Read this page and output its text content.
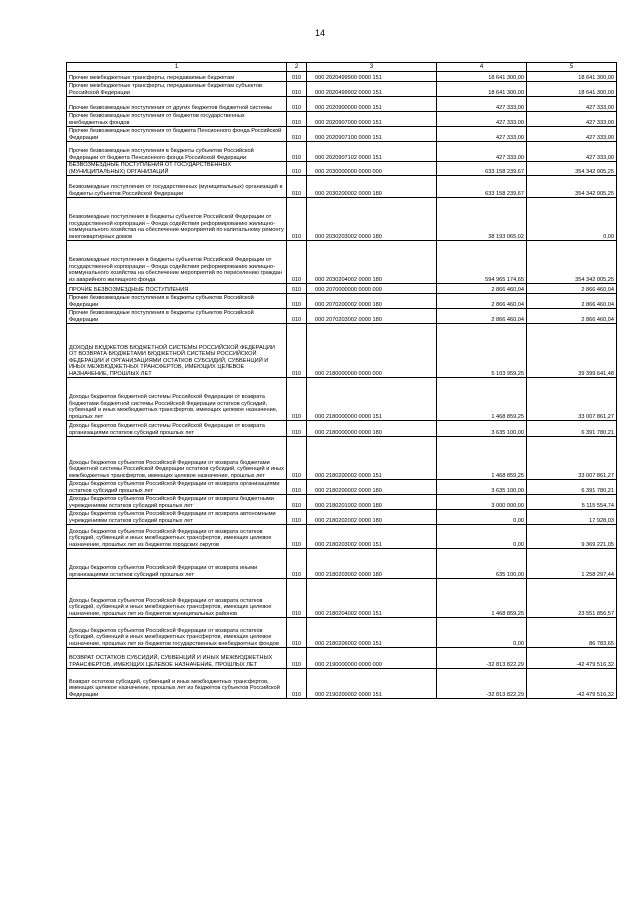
14
1	2	3	4	5
Прочие межбюджетные трансферты, передаваемые бюджетам	010	000 2020499900 0000 151	18 641 300,00	18 641 300,00
Прочие межбюджетные трансферты, передаваемые бюджетам субъектов Российской Федерации	010	000 2020499902 0000 151	18 641 300,00	18 641 300,00
Прочие безвозмездные поступления от других бюджетов бюджетной системы	010	000 2020900000 0000 151	427 333,00	427 333,00
Прочие безвозмездные поступления от бюджетов государственных внебюджетных фондов	010	000 2020907000 0000 151	427 333,00	427 333,00
Прочие безвозмездные поступления от бюджета Пенсионного фонда Российской Федерации	010	000 2020907100 0000 151	427 333,00	427 333,00
Прочие безвозмездные поступления в бюджеты субъектов Российской Федерации от бюджета Пенсионного фонда Российской Федерации	010	000 2020907102 0000 151	427 333,00	427 333,00
БЕЗВОЗМЕЗДНЫЕ ПОСТУПЛЕНИЯ ОТ ГОСУДАРСТВЕННЫХ (МУНИЦИПАЛЬНЫХ) ОРГАНИЗАЦИЙ	010	000 2030000000 0000 000	633 158 239,67	354 342 005,25
Безвозмездные поступления от государственных (муниципальных) организаций в бюджеты субъектов Российской Федерации	010	000 2030200002 0000 180	633 158 239,67	354 342 005,25
Безвозмездные поступления в бюджеты субъектов Российской Федерации от государственной корпорации – Фонда содействия реформированию жилищно-коммунального хозяйства на обеспечение мероприятий по капитальному ремонту многоквартирных домов	010	000 2030203002 0000 180	38 193 065,02	0,00
Безвозмездные поступления в бюджеты субъектов Российской Федерации от государственной корпорации – Фонда содействия реформированию жилищно-коммунального хозяйства на обеспечение мероприятий по переселению граждан из аварийного жилищного фонда	010	000 2030204002 0000 180	594 965 174,65	354 342 005,25
ПРОЧИЕ БЕЗВОЗМЕЗДНЫЕ ПОСТУПЛЕНИЯ	010	000 2070000000 0000 000	2 866 460,04	2 866 460,04
Прочие безвозмездные поступления в бюджеты субъектов Российской Федерации	010	000 2070200002 0000 180	2 866 460,04	2 866 460,04
Прочие безвозмездные поступления в бюджеты субъектов Российской Федерации	010	000 2070203002 0000 180	2 866 460,04	2 866 460,04
ДОХОДЫ БЮДЖЕТОВ БЮДЖЕТНОЙ СИСТЕМЫ РОССИЙСКОЙ ФЕДЕРАЦИИ ОТ ВОЗВРАТА БЮДЖЕТАМИ БЮДЖЕТНОЙ СИСТЕМЫ РОССИЙСКОЙ ФЕДЕРАЦИИ И ОРГАНИЗАЦИЯМИ ОСТАТКОВ СУБСИДИЙ, СУБВЕНЦИЙ И ИНЫХ МЕЖБЮДЖЕТНЫХ ТРАНСФЕРТОВ, ИМЕЮЩИХ ЦЕЛЕВОЕ НАЗНАЧЕНИЕ, ПРОШЛЫХ ЛЕТ	010	000 2180000000 0000 000	5 103 959,25	39 399 641,48
Доходы бюджетов бюджетной системы Российской Федерации от возврата бюджетами бюджетной системы Российской Федерации остатков субсидий, субвенций и иных межбюджетных трансфертов, имеющих целевое назначение, прошлых лет	010	000 2180000000 0000 151	1 468 859,25	33 007 861,27
Доходы бюджетов бюджетной системы Российской Федерации от возврата организациями остатков субсидий прошлых лет	010	000 2180000000 0000 180	3 635 100,00	6 391 780,21
Доходы бюджетов субъектов Российской Федерации от возврата бюджетами бюджетной системы Российской Федерации остатков субсидий, субвенций и иных межбюджетных трансфертов, имеющих целевое назначение, прошлых лет	010	000 2180200002 0000 151	1 468 859,25	33 007 861,27
Доходы бюджетов субъектов Российской Федерации от возврата организациями остатков субсидий прошлых лет	010	000 2180200002 0000 180	3 635 100,00	6 391 780,21
Доходы бюджетов субъектов Российской Федерации от возврата бюджетными учреждениями остатков субсидий прошлых лет	010	000 2180201002 0000 180	3 000 000,00	5 115 554,74
Доходы бюджетов субъектов Российской Федерации от возврата автономными учреждениями остатков субсидий прошлых лет	010	000 2180202002 0000 180	0,00	17 928,03
Доходы бюджетов субъектов Российской Федерации от возврата остатков субсидий, субвенций и иных межбюджетных трансфертов, имеющих целевое назначение, прошлых лет из бюджетов городских округов	010	000 2180203002 0000 151	0,00	9 369 221,05
Доходы бюджетов субъектов Российской Федерации от возврата иными организациями остатков субсидий прошлых лет	010	000 2180203002 0000 180	635 100,00	1 258 297,44
Доходы бюджетов субъектов Российской Федерации от возврата остатков субсидий, субвенций и иных межбюджетных трансфертов, имеющих целевое назначение, прошлых лет из бюджетов муниципальных районов	010	000 2180204002 0000 151	1 468 859,25	23 551 856,57
Доходы бюджетов субъектов Российской Федерации от возврата остатков субсидий, субвенций и иных межбюджетных трансфертов, имеющих целевое назначение, прошлых лет из бюджетов государственных внебюджетных фондов	010	000 2180206002 0000 151	0,00	86 783,65
ВОЗВРАТ ОСТАТКОВ СУБСИДИЙ, СУБВЕНЦИЙ И ИНЫХ МЕЖБЮДЖЕТНЫХ ТРАНСФЕРТОВ, ИМЕЮЩИХ ЦЕЛЕВОЕ НАЗНАЧЕНИЕ, ПРОШЛЫХ ЛЕТ	010	000 2190000000 0000 000	-32 813 822,29	-42 479 516,32
Возврат остатков субсидий, субвенций и иных межбюджетных трансфертов, имеющих целевое назначение, прошлых лет из бюджетов субъектов Российской Федерации	010	000 2190200002 0000 151	-32 813 822,29	-42 479 516,32
